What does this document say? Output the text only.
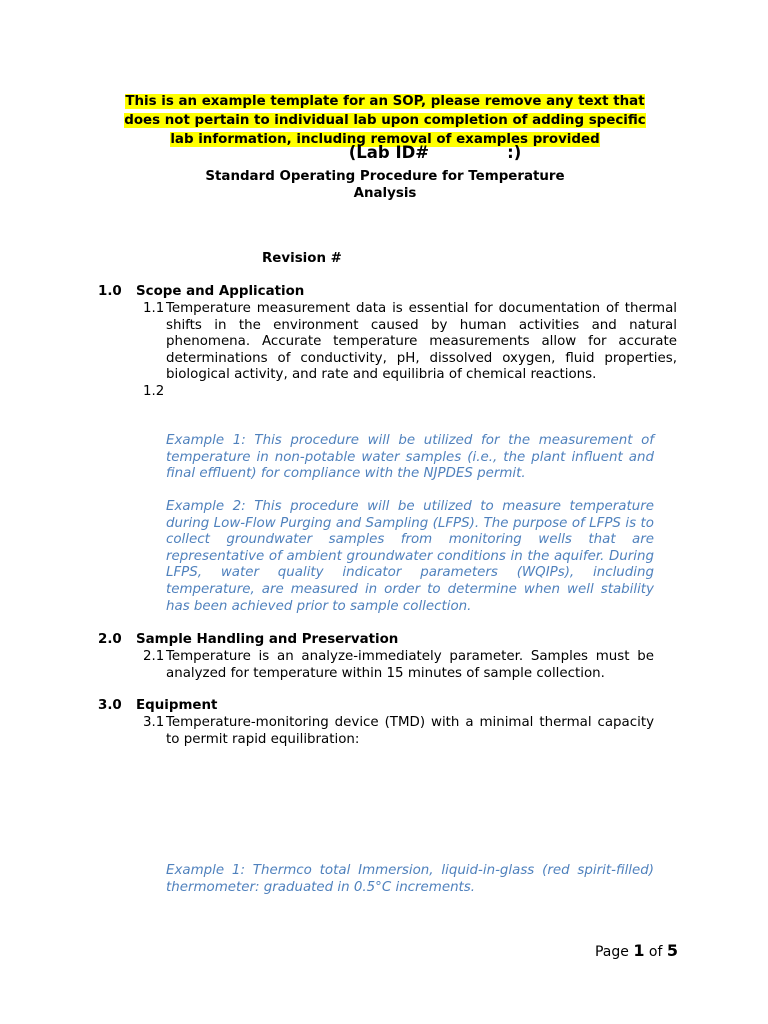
This is an example template for an SOP, please remove any text that
does not pertain to individual lab upon completion of adding specific
lab information, including removal of examples provided
(Lab ID#	:)
Standard Operating Procedure for Temperature Analysis
Revision #
1.0 Scope and Application
1.1 Temperature measurement data is essential for documentation of thermal shifts in the environment caused by human activities and natural phenomena. Accurate temperature measurements allow for accurate determinations of conductivity, pH, dissolved oxygen, fluid properties, biological activity, and rate and equilibria of chemical reactions.
1.2
Example 1: This procedure will be utilized for the measurement of temperature in non-potable water samples (i.e., the plant influent and final effluent) for compliance with the NJPDES permit.
Example 2: This procedure will be utilized to measure temperature during Low-Flow Purging and Sampling (LFPS). The purpose of LFPS is to collect groundwater samples from monitoring wells that are representative of ambient groundwater conditions in the aquifer. During LFPS, water quality indicator parameters (WQIPs), including temperature, are measured in order to determine when well stability has been achieved prior to sample collection.
2.0 Sample Handling and Preservation
2.1 Temperature is an analyze-immediately parameter. Samples must be analyzed for temperature within 15 minutes of sample collection.
3.0 Equipment
3.1 Temperature-monitoring device (TMD) with a minimal thermal capacity to permit rapid equilibration:
Example 1: Thermco total Immersion, liquid-in-glass (red spirit-filled) thermometer: graduated in 0.5°C increments.
Page 1 of 5
